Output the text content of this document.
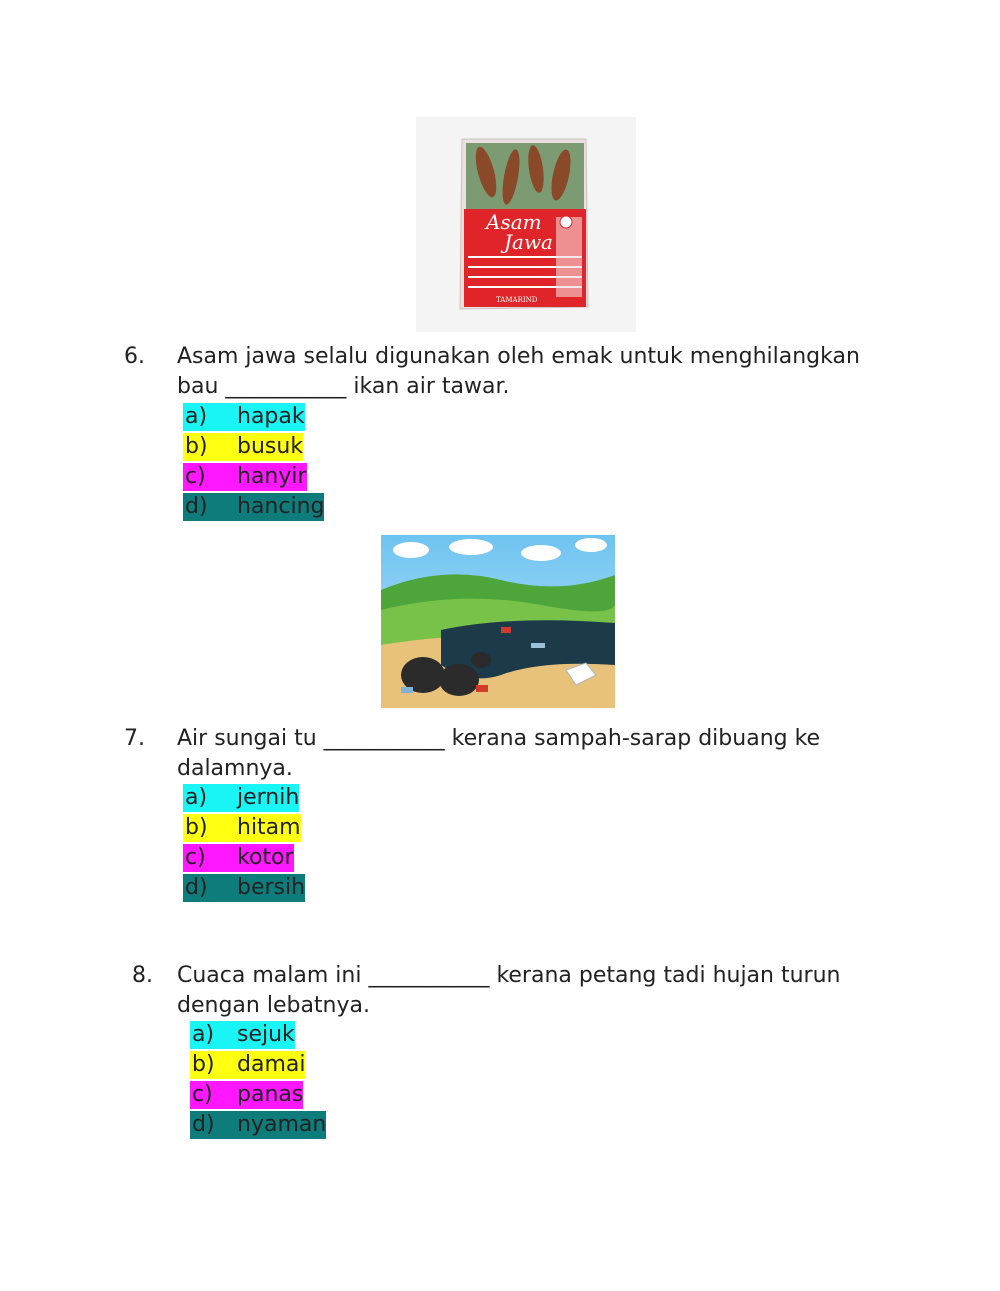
Asam
Jawa
TAMARIND
6. Asam jawa selalu digunakan oleh emak untuk menghilangkan
bau ___________ ikan air tawar.
a) hapak
b) busuk
c) hanyir
d) hancing
7. Air sungai tu ___________ kerana sampah-sarap dibuang ke
dalamnya.
a) jernih
b) hitam
c) kotor
d) bersih
8. Cuaca malam ini ___________ kerana petang tadi hujan turun
dengan lebatnya.
a) sejuk
b) damai
c) panas
d) nyaman
